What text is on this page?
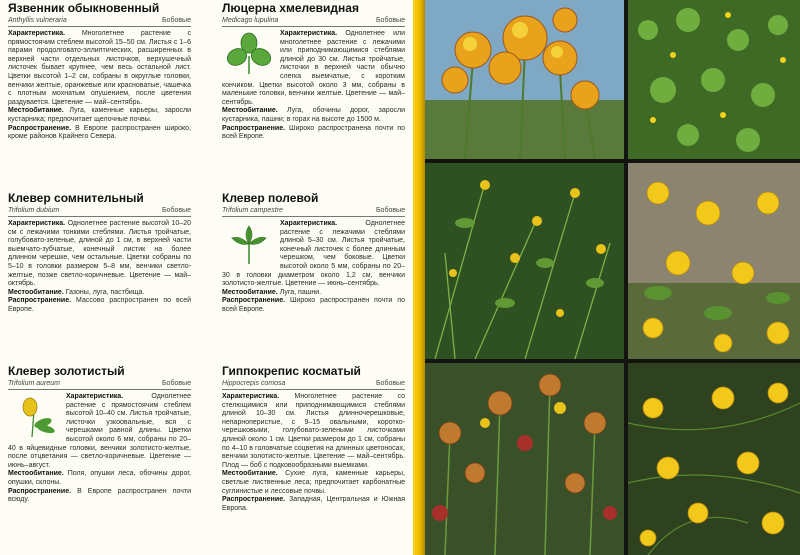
Язвенник обыкновенный
Anthyllis vulneraria	Бобовые
Характеристика. Многолетнее растение с прямостоячим стеблем высотой 15–50 см. Листья с 1–6 парами продолговато-эллиптических, расширенных в верхней части отдельных листочков, верхушечный листочек бывает крупнее, чем весь остальной лист. Цветки высотой 1–2 см, собраны в округлые головки, венчики желтые, оранжевые или красноватые, чашечка с плотным мохнатым опушением, после цветения раздувается. Цветение — май–сентябрь.
Местообитание. Луга, каменные карьеры, заросли кустарника; предпочитает щелочные почвы.
Распространение. В Европе распространен широко, кроме районов Крайнего Севера.
Люцерна хмелевидная
Medicago lupulina	Бобовые
Характеристика. Однолетнее или многолетнее растение с лежачими или приподнимающимися стеблями длиной до 30 см. Листья тройчатые, листочки в верхней части обычно слегка выемчатые, с коротким кончиком. Цветки высотой около 3 мм, собраны в маленькие головки, венчики желтые. Цветение — май–сентябрь.
Местообитание. Луга, обочины дорог, заросли кустарника, пашни; в горах на высоте до 1500 м.
Распространение. Широко распространена почти по всей Европе.
Клевер сомнительный
Trifolium dubium	Бобовые
Характеристика. Однолетнее растение высотой 10–20 см с лежачими тонкими стеблями. Листья тройчатые, голубовато-зеленые, длиной до 1 см, в верхней части выемчато-зубчатые, конечный листик на более длинном черешке, чем остальные. Цветки собраны по 5–10 в головки размером 5–8 мм, венчики светло-желтые, позже светло-коричневые. Цветение — май–октябрь.
Местообитание. Газоны, луга, пастбища.
Распространение. Массово распространен по всей Европе.
Клевер полевой
Trifolium campestre	Бобовые
Характеристика.	Однолетнее растение с лежачими стеблями длиной 5–30 см. Листья тройчатые, конечный листочек с более длинным черешком, чем боковые. Цветки высотой около 5 мм, собраны по 20–30 в головки диаметром около 1,2 см, венчики золотисто-желтые. Цветение — июнь–сентябрь.
Местообитание. Луга, пашни.
Распространение. Широко распространен почти по всей Европе.
Клевер золотистый
Trifolium aureum	Бобовые
Характеристика.	Однолетнее растение с прямостоячим стеблем высотой 10–40 см. Листья тройчатые, листочки узкоовальные, вся с черешками равной длины. Цветки высотой около 6 мм, собраны по 20–40 в яйцевидные головки, венчики золотисто-желтые, после отцветания — светло-коричневые. Цветение — июнь–август.
Местообитание. Поля, опушки леса, обочины дорог, опушки, склоны.
Распространение. В Европе распространен почти всюду.
Гиппокрепис косматый
Hippocrepis comosa	Бобовые
Характеристика. Многолетнее растение со стелющимися или приподнимающимися стеблями длиной 10–30 см. Листья длинночерешковые, непарноперистые, с 9–15 овальными, коротко-черешковыми, голубовато-зелеными листочками длиной около 1 см. Цветки размером до 1 см, собраны по 4–10 в головчатые соцветия на длинных цветоносах, венчики золотисто-желтые. Цветение — май–сентябрь. Плод — боб с подковообразными выемками.
Местообитание. Сухие луга, каменные карьеры, светлые лиственные леса; предпочитает карбонатные суглинистые и лессовые почвы.
Распространение. Западная, Центральная и Южная Европа.
